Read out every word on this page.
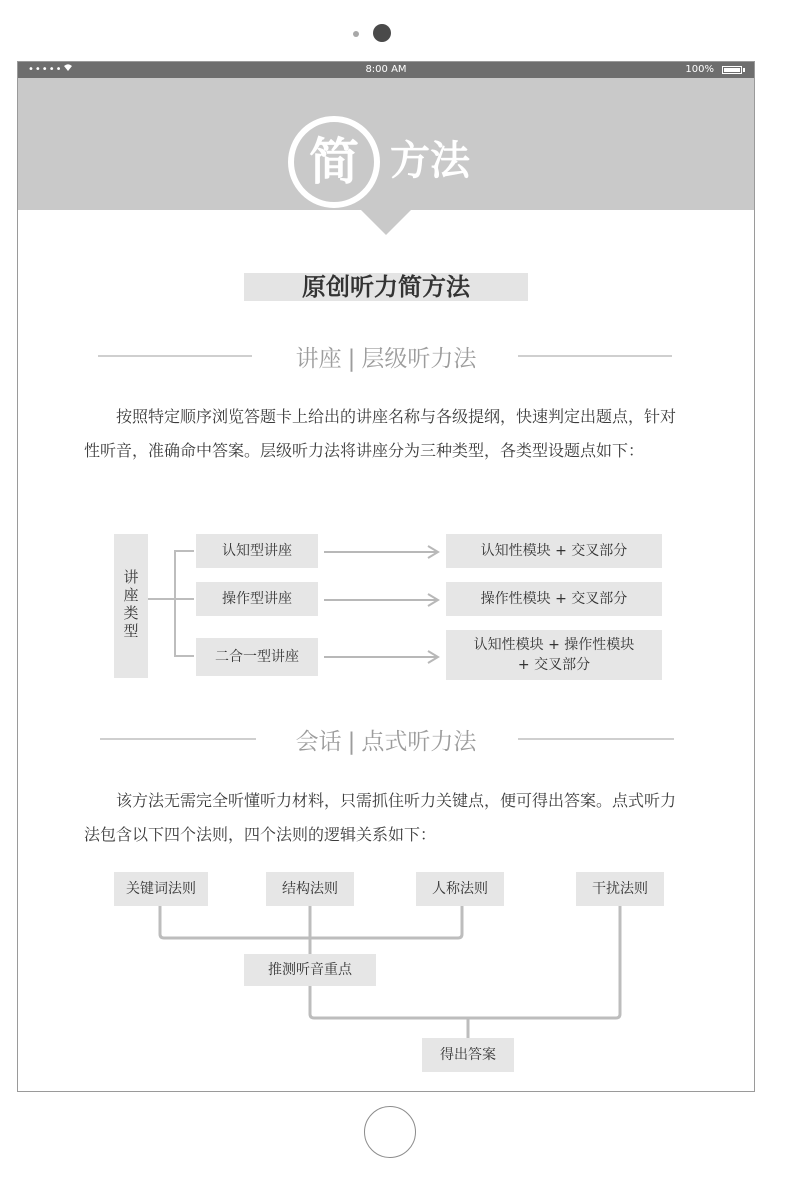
•••••	8:00 AM	100%
简 方法
原创听力简方法
讲座 | 层级听力法
按照特定顺序浏览答题卡上给出的讲座名称与各级提纲，快速判定出题点，针对性听音，准确命中答案。层级听力法将讲座分为三种类型，各类型设题点如下：
讲座类型
认知型讲座
操作型讲座
二合一型讲座
认知性模块 + 交叉部分
操作性模块 + 交叉部分
认知性模块 + 操作性模块
+ 交叉部分
会话 | 点式听力法
该方法无需完全听懂听力材料，只需抓住听力关键点，便可得出答案。点式听力法包含以下四个法则，四个法则的逻辑关系如下：
关键词法则	结构法则	人称法则	干扰法则
推测听音重点
得出答案
